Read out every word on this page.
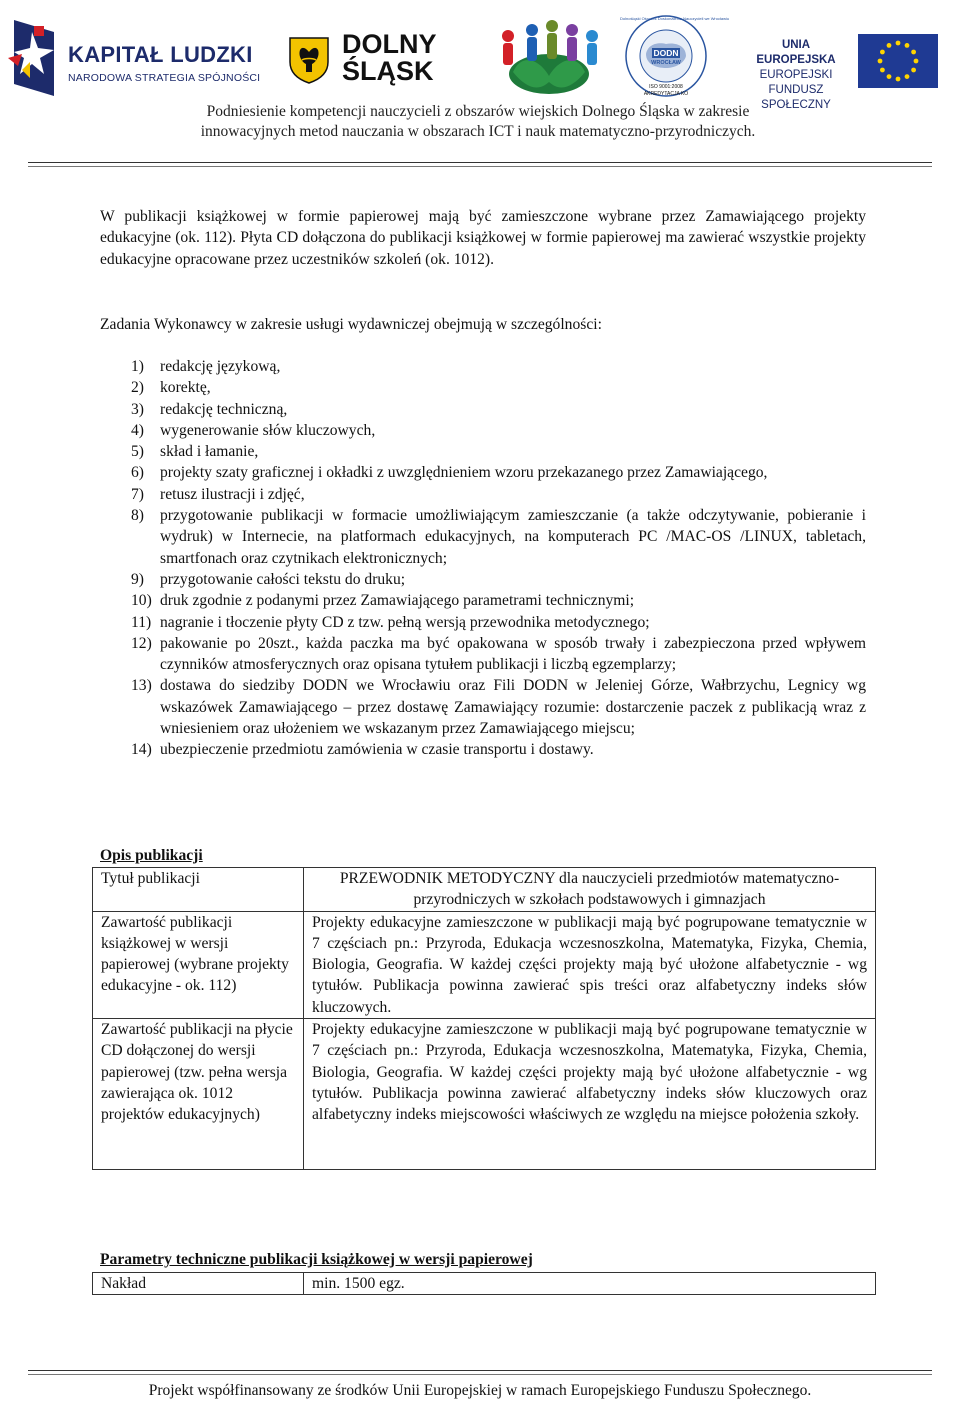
KAPITAŁ LUDZKI
NARODOWA STRATEGIA SPÓJNOŚCI
DOLNY
ŚLĄSK
DODN
WROCŁAW
ISO 9001:2008
AKREDYTACJA KO
Dolnośląski Ośrodek Doskonalenia Nauczycieli we Wrocławiu
UNIA EUROPEJSKA
EUROPEJSKI
FUNDUSZ SPOŁECZNY
Podniesienie kompetencji nauczycieli z obszarów wiejskich Dolnego Śląska w zakresie
innowacyjnych metod nauczania w obszarach ICT i nauk matematyczno-przyrodniczych.
W publikacji książkowej w formie papierowej mają być zamieszczone wybrane przez Zamawiającego projekty edukacyjne (ok. 112). Płyta CD dołączona do publikacji książkowej w formie papierowej ma zawierać wszystkie projekty edukacyjne opracowane przez uczestników szkoleń (ok. 1012).
Zadania Wykonawcy w zakresie usługi wydawniczej obejmują w szczególności:
1) redakcję językową,
2) korektę,
3) redakcję techniczną,
4) wygenerowanie słów kluczowych,
5) skład i łamanie,
6) projekty szaty graficznej i okładki z uwzględnieniem wzoru przekazanego przez Zamawiającego,
7) retusz ilustracji i zdjęć,
8) przygotowanie publikacji w formacie umożliwiającym zamieszczanie (a także odczytywanie, pobieranie i wydruk) w Internecie, na platformach edukacyjnych, na komputerach PC /MAC-OS /LINUX, tabletach, smartfonach oraz czytnikach elektronicznych;
9) przygotowanie całości tekstu do druku;
10) druk zgodnie z podanymi przez Zamawiającego parametrami technicznymi;
11) nagranie i tłoczenie płyty CD z tzw. pełną wersją przewodnika metodycznego;
12) pakowanie po 20szt., każda paczka ma być opakowana w sposób trwały i zabezpieczona przed wpływem czynników atmosferycznych oraz opisana tytułem publikacji i liczbą egzemplarzy;
13) dostawa do siedziby DODN we Wrocławiu oraz Fili DODN w Jeleniej Górze, Wałbrzychu, Legnicy wg wskazówek Zamawiającego – przez dostawę Zamawiający rozumie: dostarczenie paczek z publikacją wraz z wniesieniem oraz ułożeniem we wskazanym przez Zamawiającego miejscu;
14) ubezpieczenie przedmiotu zamówienia w czasie transportu i dostawy.
Opis publikacji
Tytuł publikacji	PRZEWODNIK METODYCZNY dla nauczycieli przedmiotów matematyczno-przyrodniczych w szkołach podstawowych i gimnazjach
Zawartość publikacji książkowej w wersji papierowej (wybrane projekty edukacyjne - ok. 112)	Projekty edukacyjne zamieszczone w publikacji mają być pogrupowane tematycznie w 7 częściach pn.: Przyroda, Edukacja wczesnoszkolna, Matematyka, Fizyka, Chemia, Biologia, Geografia. W każdej części projekty mają być ułożone alfabetycznie - wg tytułów. Publikacja powinna zawierać spis treści oraz alfabetyczny indeks słów kluczowych.
Zawartość publikacji na płycie CD dołączonej do wersji papierowej (tzw. pełna wersja zawierająca ok. 1012 projektów edukacyjnych)	Projekty edukacyjne zamieszczone w publikacji mają być pogrupowane tematycznie w 7 częściach pn.: Przyroda, Edukacja wczesnoszkolna, Matematyka, Fizyka, Chemia, Biologia, Geografia. W każdej części projekty mają być ułożone alfabetycznie - wg tytułów. Publikacja powinna zawierać alfabetyczny indeks słów kluczowych oraz alfabetyczny indeks miejscowości właściwych ze względu na miejsce położenia szkoły.
Parametry techniczne publikacji książkowej w wersji papierowej
Nakład	min. 1500 egz.
Projekt współfinansowany ze środków Unii Europejskiej w ramach Europejskiego Funduszu Społecznego.
